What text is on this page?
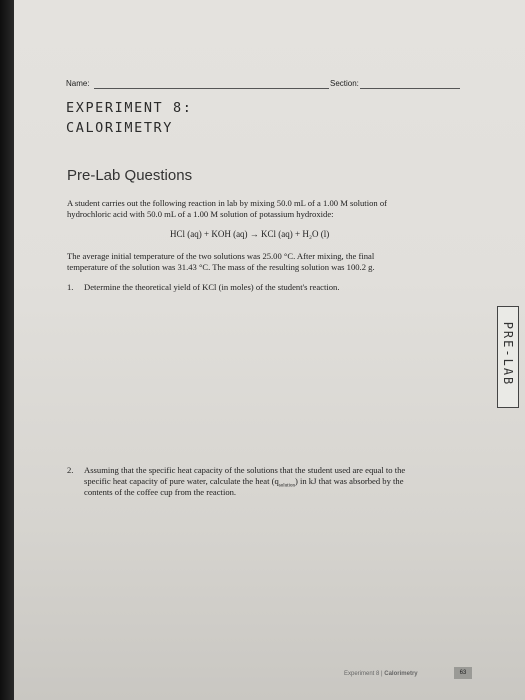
Name:	Section:
EXPERIMENT 8:
CALORIMETRY
Pre-Lab Questions
A student carries out the following reaction in lab by mixing 50.0 mL of a 1.00 M solution of
hydrochloric acid with 50.0 mL of a 1.00 M solution of potassium hydroxide:
HCl (aq) + KOH (aq) → KCl (aq) + H₂O (l)
The average initial temperature of the two solutions was 25.00 °C. After mixing, the final
temperature of the solution was 31.43 °C. The mass of the resulting solution was 100.2 g.
1. Determine the theoretical yield of KCl (in moles) of the student's reaction.
2. Assuming that the specific heat capacity of the solutions that the student used are equal to the
specific heat capacity of pure water, calculate the heat $(q_{solution})$ in kJ that was absorbed by the
contents of the coffee cup from the reaction.
PRE-LAB
Experiment 8 | Calorimetry	63
